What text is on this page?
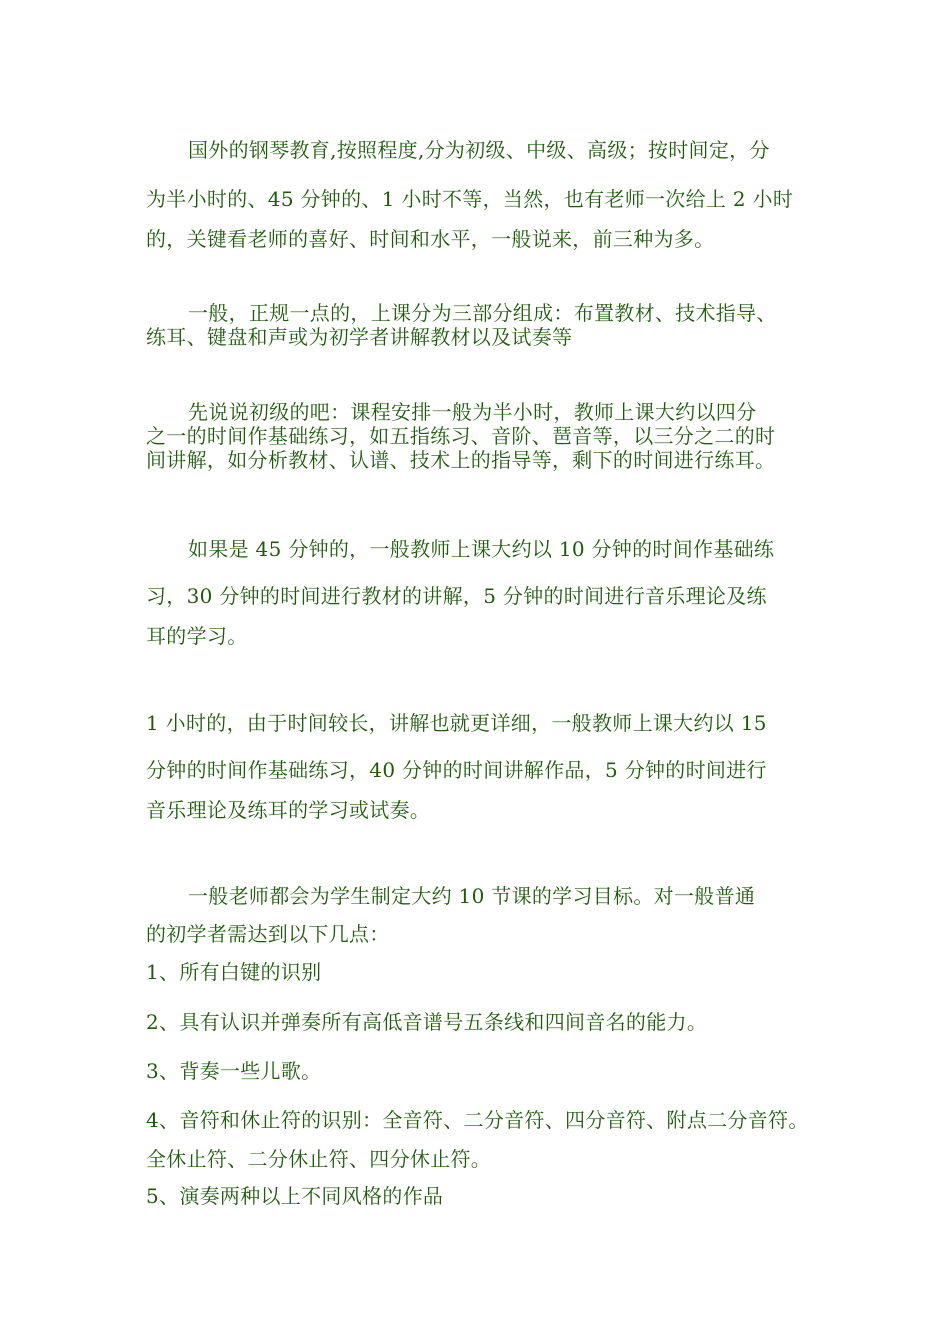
国外的钢琴教育,按照程度,分为初级、中级、高级；按时间定，分
为半小时的、45 分钟的、1 小时不等，当然，也有老师一次给上 2 小时
的，关键看老师的喜好、时间和水平，一般说来，前三种为多。
一般，正规一点的，上课分为三部分组成：布置教材、技术指导、
练耳、键盘和声或为初学者讲解教材以及试奏等
先说说初级的吧：课程安排一般为半小时，教师上课大约以四分
之一的时间作基础练习，如五指练习、音阶、琶音等，以三分之二的时
间讲解，如分析教材、认谱、技术上的指导等，剩下的时间进行练耳。
如果是 45 分钟的，一般教师上课大约以 10 分钟的时间作基础练
习，30 分钟的时间进行教材的讲解，5 分钟的时间进行音乐理论及练
耳的学习。
1 小时的，由于时间较长，讲解也就更详细，一般教师上课大约以 15
分钟的时间作基础练习，40 分钟的时间讲解作品，5 分钟的时间进行
音乐理论及练耳的学习或试奏。
一般老师都会为学生制定大约 10 节课的学习目标。对一般普通
的初学者需达到以下几点：
1、所有白键的识别
2、具有认识并弹奏所有高低音谱号五条线和四间音名的能力。
3、背奏一些儿歌。
4、音符和休止符的识别：全音符、二分音符、四分音符、附点二分音符。
全休止符、二分休止符、四分休止符。
5、演奏两种以上不同风格的作品
